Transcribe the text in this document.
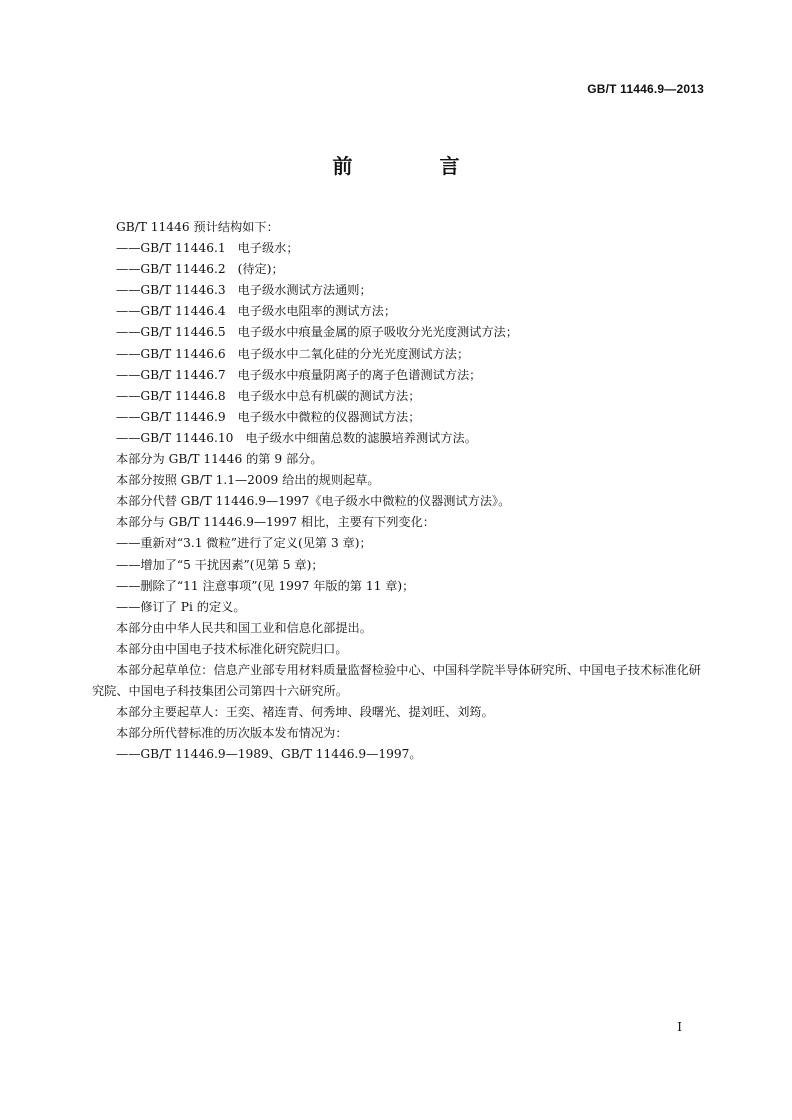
GB/T 11446.9—2013
前 言

GB/T 11446 预计结构如下：

——GB/T 11446.1 电子级水；

——GB/T 11446.2 (待定)；

——GB/T 11446.3 电子级水测试方法通则；

——GB/T 11446.4 电子级水电阻率的测试方法；

——GB/T 11446.5 电子级水中痕量金属的原子吸收分光光度测试方法；

——GB/T 11446.6 电子级水中二氧化硅的分光光度测试方法；

——GB/T 11446.7 电子级水中痕量阴离子的离子色谱测试方法；

——GB/T 11446.8 电子级水中总有机碳的测试方法；

——GB/T 11446.9 电子级水中微粒的仪器测试方法；

——GB/T 11446.10 电子级水中细菌总数的滤膜培养测试方法。

本部分为 GB/T 11446 的第 9 部分。

本部分按照 GB/T 1.1—2009 给出的规则起草。

本部分代替 GB/T 11446.9—1997《电子级水中微粒的仪器测试方法》。

本部分与 GB/T 11446.9—1997 相比，主要有下列变化：

——重新对“3.1 微粒”进行了定义(见第 3 章)；

——增加了“5 干扰因素”(见第 5 章)；

——删除了“11 注意事项”(见 1997 年版的第 11 章)；

——修订了 Pi 的定义。

本部分由中华人民共和国工业和信息化部提出。

本部分由中国电子技术标准化研究院归口。

本部分起草单位：信息产业部专用材料质量监督检验中心、中国科学院半导体研究所、中国电子技术标准化研究院、中国电子科技集团公司第四十六研究所。

本部分主要起草人：王奕、褚连青、何秀坤、段曙光、提刘旺、刘筠。

本部分所代替标准的历次版本发布情况为：

——GB/T 11446.9—1989、GB/T 11446.9—1997。

I
